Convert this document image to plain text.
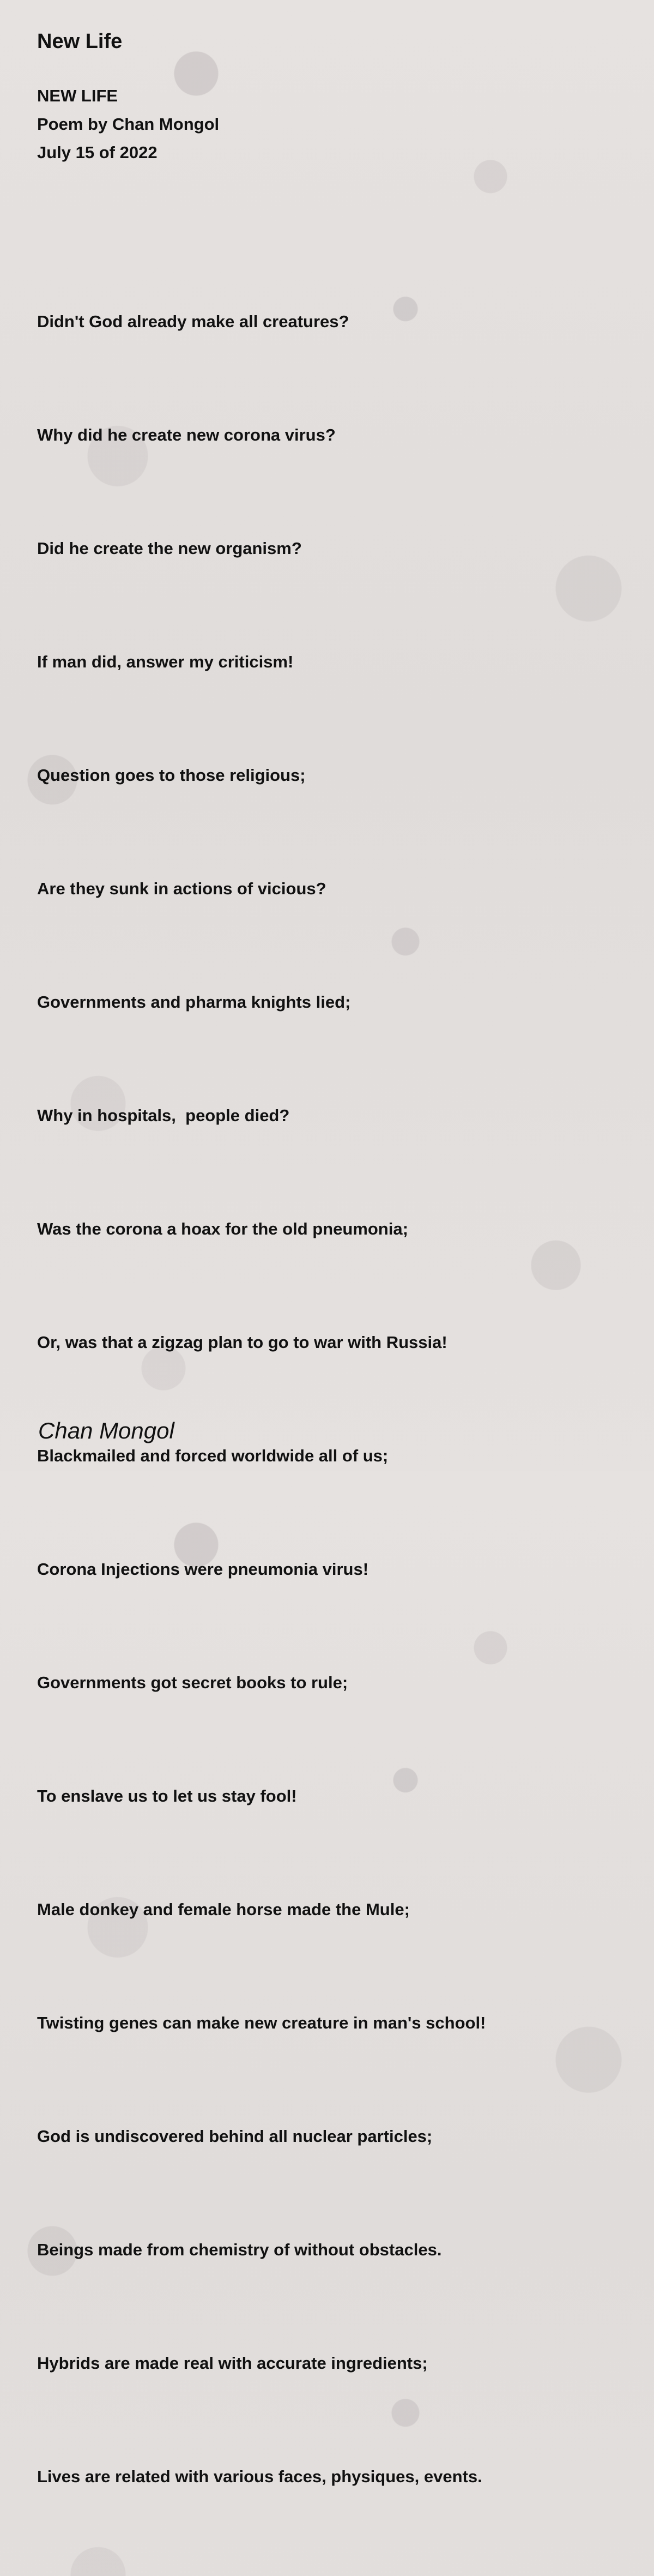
New Life
NEW LIFE
Poem by Chan Mongol
July 15 of 2022

Didn't God already make all creatures?

Why did he create new corona virus?

Did he create the new organism?

If man did, answer my criticism!

Question goes to those religious;

Are they sunk in actions of vicious?

Governments and pharma knights lied;

Why in hospitals,  people died?

Was the corona a hoax for the old pneumonia;

Or, was that a zigzag plan to go to war with Russia!

Blackmailed and forced worldwide all of us;

Corona Injections were pneumonia virus!

Governments got secret books to rule;

To enslave us to let us stay fool!

Male donkey and female horse made the Mule;

Twisting genes can make new creature in man's school!

God is undiscovered behind all nuclear particles;

Beings made from chemistry of without obstacles.

Hybrids are made real with accurate ingredients;

Lives are related with various faces, physiques, events.

Chan Mongol
